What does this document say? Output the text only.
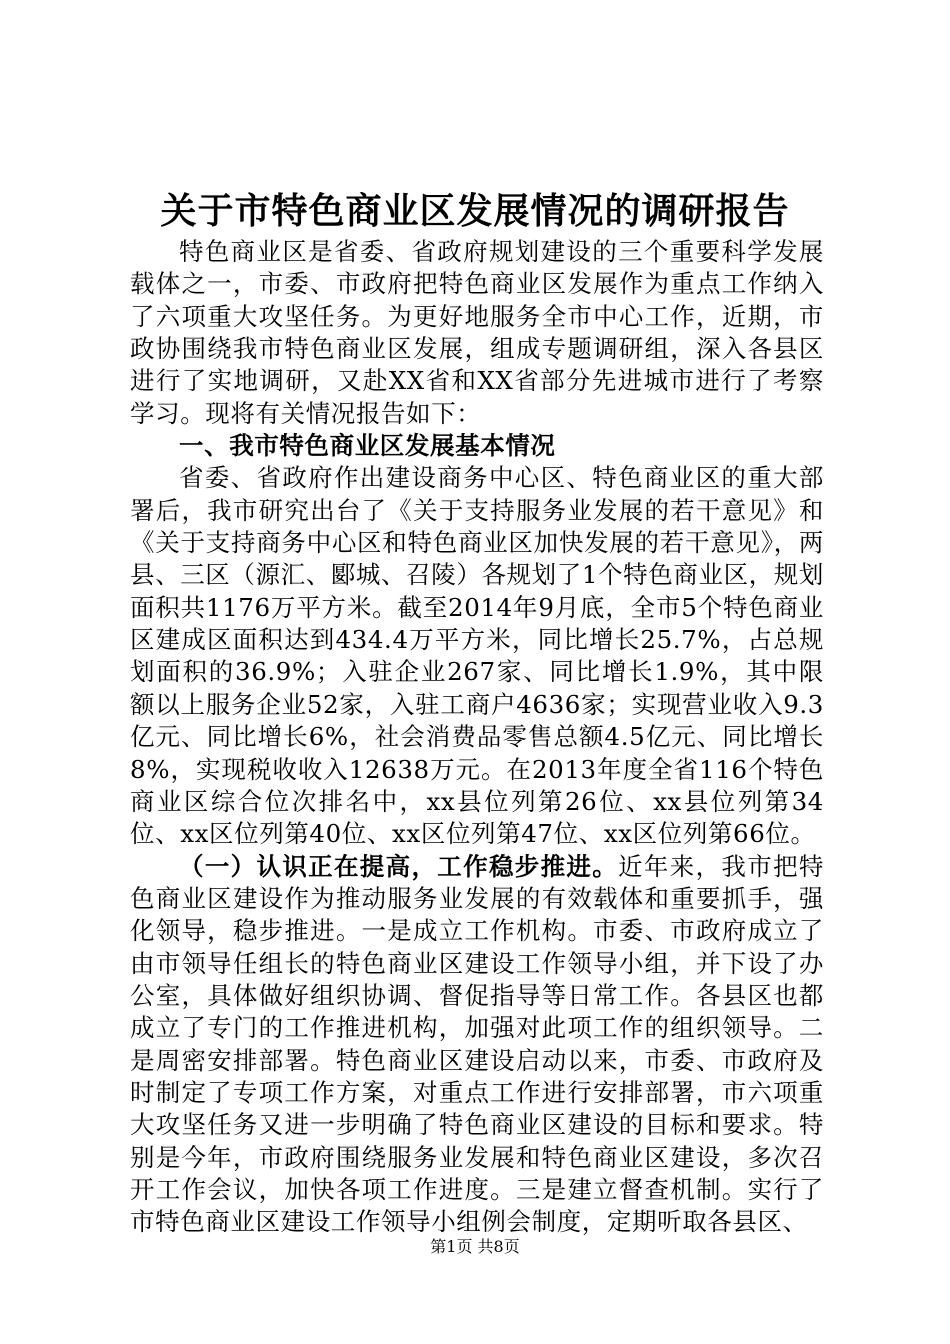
关于市特色商业区发展情况的调研报告

特色商业区是省委、省政府规划建设的三个重要科学发展载体之一，市委、市政府把特色商业区发展作为重点工作纳入了六项重大攻坚任务。为更好地服务全市中心工作，近期，市政协围绕我市特色商业区发展，组成专题调研组，深入各县区进行了实地调研，又赴XX省和XX省部分先进城市进行了考察学习。现将有关情况报告如下：

一、我市特色商业区发展基本情况

省委、省政府作出建设商务中心区、特色商业区的重大部署后，我市研究出台了《关于支持服务业发展的若干意见》和《关于支持商务中心区和特色商业区加快发展的若干意见》，两县、三区（源汇、郾城、召陵）各规划了1个特色商业区，规划面积共1176万平方米。截至2014年9月底，全市5个特色商业区建成区面积达到434.4万平方米，同比增长25.7%，占总规划面积的36.9%；入驻企业267家、同比增长1.9%，其中限额以上服务企业52家，入驻工商户4636家；实现营业收入9.3亿元、同比增长6%，社会消费品零售总额4.5亿元、同比增长8%，实现税收收入12638万元。在2013年度全省116个特色商业区综合位次排名中，xx县位列第26位、xx县位列第34位、xx区位列第40位、xx区位列第47位、xx区位列第66位。

（一）认识正在提高，工作稳步推进。近年来，我市把特色商业区建设作为推动服务业发展的有效载体和重要抓手，强化领导，稳步推进。一是成立工作机构。市委、市政府成立了由市领导任组长的特色商业区建设工作领导小组，并下设了办公室，具体做好组织协调、督促指导等日常工作。各县区也都成立了专门的工作推进机构，加强对此项工作的组织领导。二是周密安排部署。特色商业区建设启动以来，市委、市政府及时制定了专项工作方案，对重点工作进行安排部署，市六项重大攻坚任务又进一步明确了特色商业区建设的目标和要求。特别是今年，市政府围绕服务业发展和特色商业区建设，多次召开工作会议，加快各项工作进度。三是建立督查机制。实行了市特色商业区建设工作领导小组例会制度，定期听取各县区、

第1页 共8页
